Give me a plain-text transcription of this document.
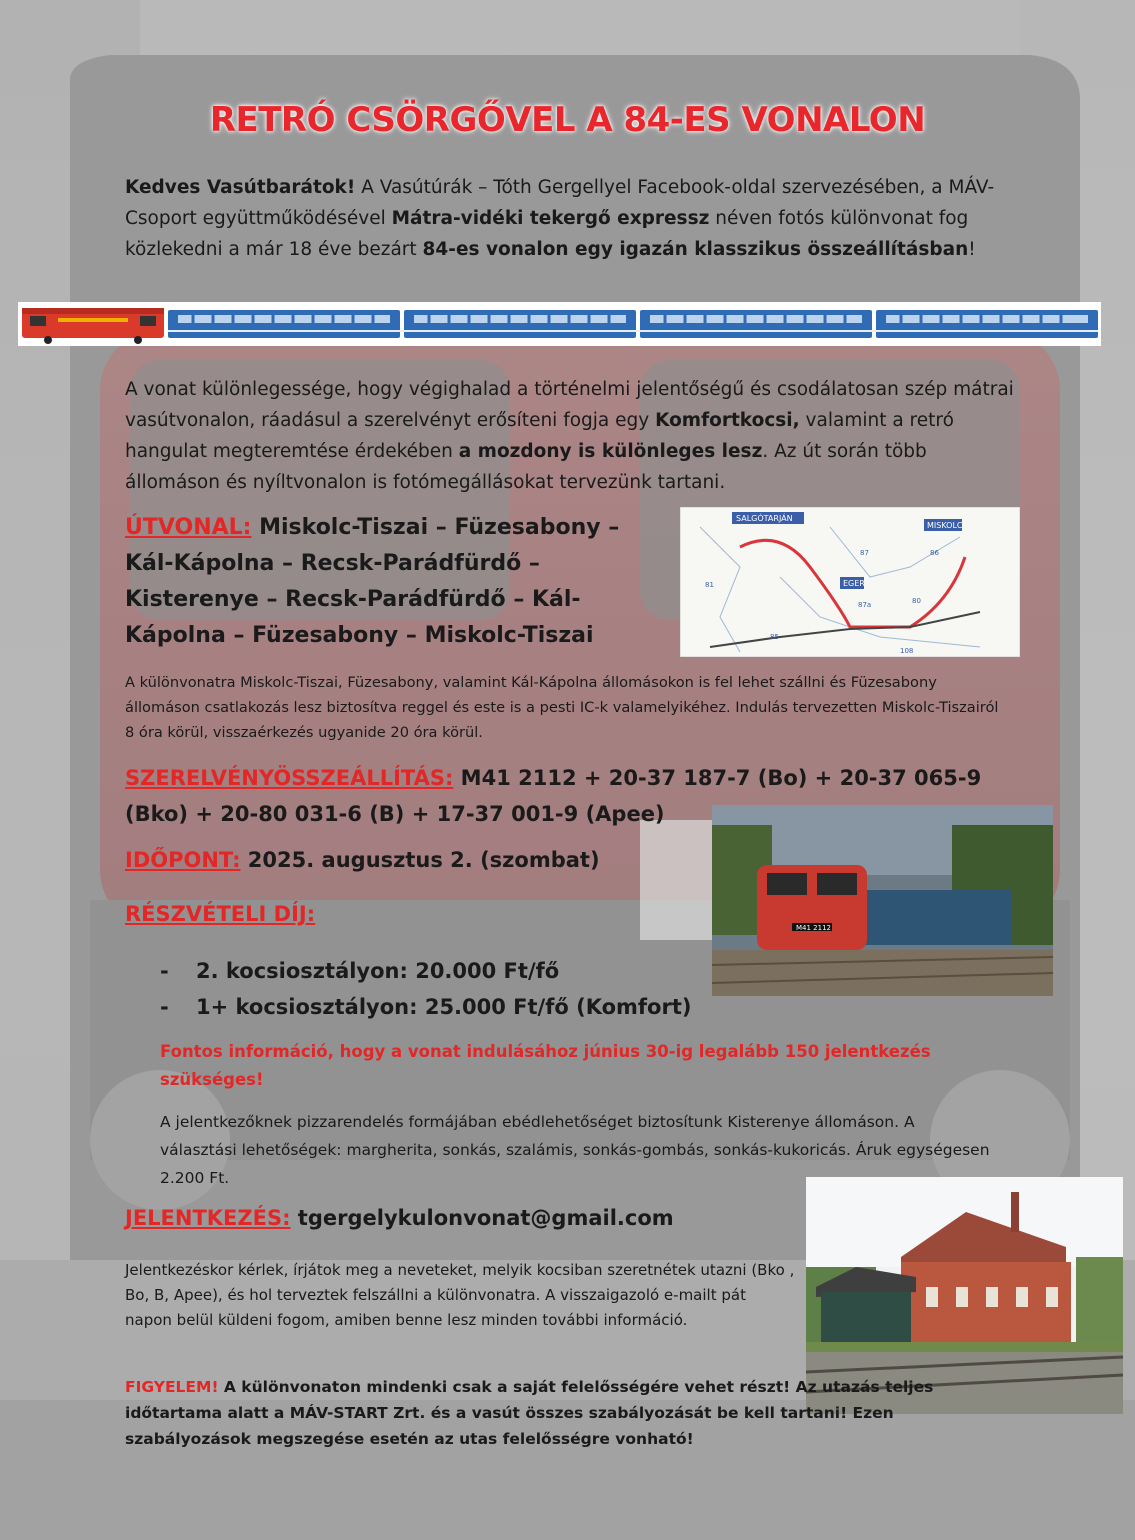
RETRÓ CSÖRGŐVEL A 84-ES VONALON
Kedves Vasútbarátok! A Vasútúrák – Tóth Gergellyel Facebook-oldal szervezésében, a MÁV-Csoport együttműködésével Mátra-vidéki tekergő expressz néven fotós különvonat fog közlekedni a már 18 éve bezárt 84-es vonalon egy igazán klasszikus összeállításban!
A vonat különlegessége, hogy végighalad a történelmi jelentőségű és csodálatosan szép mátrai vasútvonalon, ráadásul a szerelvényt erősíteni fogja egy Komfortkocsi, valamint a retró hangulat megteremtése érdekében a mozdony is különleges lesz. Az út során több állomáson és nyíltvonalon is fotómegállásokat tervezünk tartani.
ÚTVONAL: Miskolc-Tiszai – Füzesabony – Kál-Kápolna – Recsk-Parádfürdő – Kisterenye – Recsk-Parádfürdő – Kál-Kápolna – Füzesabony – Miskolc-Tiszai
SALGÓTARJÁN
MISKOLC
EGER
81
85
87
87a	80
108
86
A különvonatra Miskolc-Tiszai, Füzesabony, valamint Kál-Kápolna állomásokon is fel lehet szállni és Füzesabony állomáson csatlakozás lesz biztosítva reggel és este is a pesti IC-k valamelyikéhez. Indulás tervezetten Miskolc-Tiszairól 8 óra körül, visszaérkezés ugyanide 20 óra körül.
SZERELVÉNYÖSSZEÁLLÍTÁS: M41 2112 + 20-37 187-7 (Bo) + 20-37 065-9 (Bko) + 20-80 031-6 (B) + 17-37 001-9 (Apee)
M41 2112
IDŐPONT: 2025. augusztus 2. (szombat)
RÉSZVÉTELI DÍJ:
-	2. kocsiosztályon: 20.000 Ft/fő
-	1+ kocsiosztályon: 25.000 Ft/fő (Komfort)
Fontos információ, hogy a vonat indulásához június 30-ig legalább 150 jelentkezés szükséges!
A jelentkezőknek pizzarendelés formájában ebédlehetőséget biztosítunk Kisterenye állomáson. A választási lehetőségek: margherita, sonkás, szalámis, sonkás-gombás, sonkás-kukoricás. Áruk egységesen 2.200 Ft.
JELENTKEZÉS: tgergelykulonvonat@gmail.com
Jelentkezéskor kérlek, írjátok meg a neveteket, melyik kocsiban szeretnétek utazni (Bko , Bo, B, Apee), és hol terveztek felszállni a különvonatra. A visszaigazoló e-mailt pát napon belül küldeni fogom, amiben benne lesz minden további információ.
FIGYELEM! A különvonaton mindenki csak a saját felelősségére vehet részt! Az utazás teljes időtartama alatt a MÁV-START Zrt. és a vasút összes szabályozását be kell tartani! Ezen szabályozások megszegése esetén az utas felelősségre vonható!
